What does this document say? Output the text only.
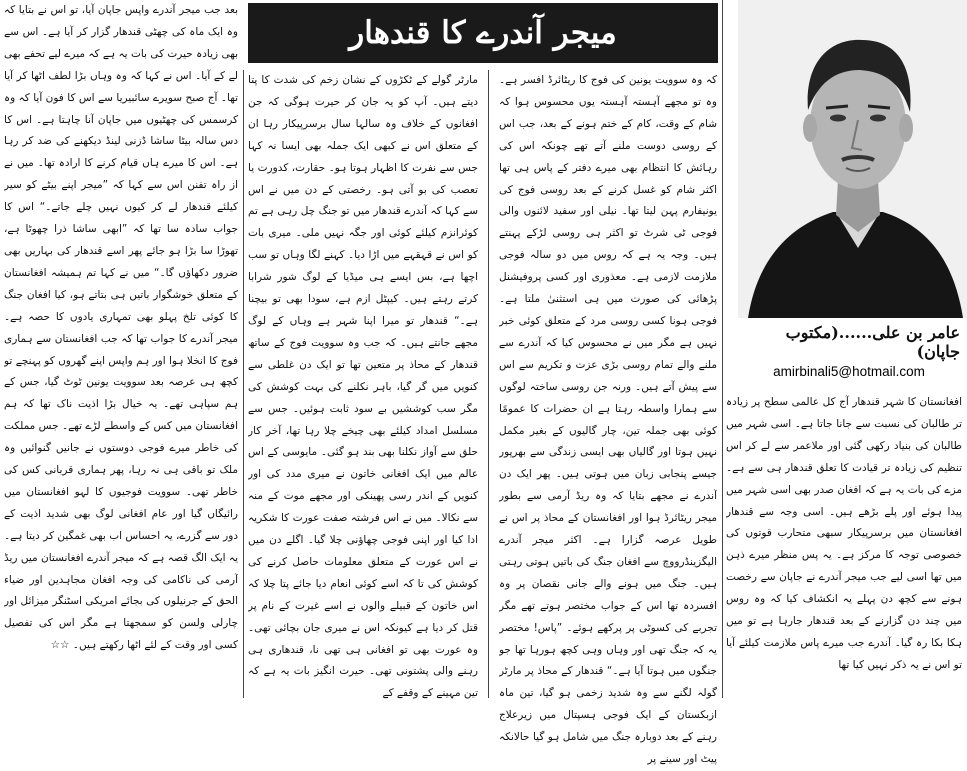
بعد جب میجر آندرے واپس جاپان آیا، تو اس نے بتایا کہ وہ ایک ماہ کی چھٹی قندھار گزار کر آیا ہے۔ اس سے بھی زیادہ حیرت کی بات یہ ہے کہ میرے لیے تحفے بھی لے کے آیا۔ اس نے کہا کہ وہ وہاں بڑا لطف اٹھا کر آیا تھا۔ آج صبح سویرے سائبیریا سے اس کا فون آیا کہ وہ کرسمس کی چھٹیوں میں جاپان آنا چاہتا ہے۔ اس کا دس سالہ بیٹا ساشا ڈزنی لینڈ دیکھنے کی ضد کر رہا ہے۔ اس کا میرے ہاں قیام کرنے کا ارادہ تھا۔ میں نے از راہ تفنن اس سے کہا کہ ”میجر اپنے بیٹے کو سیر کیلئے قندھار لے کر کیوں نہیں چلے جاتے۔“ اس کا جواب سادہ سا تھا کہ ”ابھی ساشا ذرا چھوٹا ہے، تھوڑا سا بڑا ہو جائے پھر اسے قندھار کی بہاریں بھی ضرور دکھاؤں گا۔“ میں نے کہا تم ہمیشہ افغانستان کے متعلق خوشگوار باتیں ہی بتاتے ہو، کیا افغان جنگ کا کوئی تلخ پہلو بھی تمہاری یادوں کا حصہ ہے۔ میجر آندرے کا جواب تھا کہ جب افغانستان سے ہماری فوج کا انخلا ہوا اور ہم واپس اپنے گھروں کو پہنچے تو کچھ ہی عرصہ بعد سوویت یونین ٹوٹ گیا، جس کے ہم سپاہی تھے۔ یہ خیال بڑا اذیت ناک تھا کہ ہم افغانستان میں کس کے واسطے لڑے تھے۔ جس مملکت کی خاطر میرے فوجی دوستوں نے جانیں گنوائیں وہ ملک تو باقی ہی نہ رہا، پھر ہماری قربانی کس کی خاطر تھی۔ سوویت فوجیوں کا لہو افغانستان میں رائیگاں گیا اور عام افغانی لوگ بھی شدید اذیت کے دور سے گزرے، یہ احساس اب بھی غمگین کر دیتا ہے۔ یہ ایک الگ قصہ ہے کہ میجر آندرے افغانستان میں ریڈ آرمی کی ناکامی کی وجہ افغان مجاہدین اور ضیاء الحق کے جرنیلوں کی بجائے امریکی اسٹنگر میزائل اور چارلی ولسن کو سمجھتا ہے مگر اس کی تفصیل کسی اور وقت کے لئے اٹھا رکھتے ہیں۔ ☆☆

میجر آندرے کا قندھار

مارٹر گولے کے ٹکڑوں کے نشان زخم کی شدت کا پتا دیتے ہیں۔ آپ کو یہ جان کر حیرت ہوگی کہ جن افغانوں کے خلاف وہ سالہا سال برسرپیکار رہا ان کے متعلق اس نے کبھی ایک جملہ بھی ایسا نہ کہا جس سے نفرت کا اظہار ہوتا ہو۔ حقارت، کدورت یا تعصب کی بو آتی ہو۔ رخصتی کے دن میں نے اس سے کہا کہ آندرے قندھار میں تو جنگ چل رہی ہے تم کوئرانزم کیلئے کوئی اور جگہ نہیں ملی۔ میری بات کو اس نے قہقہے میں اڑا دیا۔ کہنے لگا وہاں تو سب اچھا ہے، بس ایسے ہی میڈیا کے لوگ شور شرابا کرتے رہتے ہیں۔ کیپٹل ازم ہے، سودا بھی تو بیچنا ہے۔“ قندھار تو میرا اپنا شہر ہے وہاں کے لوگ مجھے جانتے ہیں۔ کہ جب وہ سوویت فوج کے ساتھ قندھار کے محاذ پر متعین تھا تو ایک دن غلطی سے کنویں میں گر گیا، باہر نکلنے کی بہت کوشش کی مگر سب کوششیں بے سود ثابت ہوئیں۔ جس سے مسلسل امداد کیلئے بھی چیخے چلا رہا تھا، آخر کار حلق سے آواز نکلنا بھی بند ہو گئی۔ مایوسی کے اس عالم میں ایک افغانی خاتون نے میری مدد کی اور کنویں کے اندر رسی پھینکی اور مجھے موت کے منہ سے نکالا۔ میں نے اس فرشتہ صفت عورت کا شکریہ ادا کیا اور اپنی فوجی چھاؤنی چلا گیا۔ اگلے دن میں نے اس عورت کے متعلق معلومات حاصل کرنے کی کوشش کی تا کہ اسے کوئی انعام دیا جائے پتا چلا کہ اس خاتون کے قبیلے والوں نے اسے غیرت کے نام پر قتل کر دیا ہے کیونکہ اس نے میری جان بچائی تھی۔ وہ عورت بھی تو افغانی ہی تھی نا، قندھاری ہی رہنے والی پشتونی تھی۔ حیرت انگیز بات یہ ہے کہ تین مہینے کے وقفے کے

کہ وہ سوویت یونین کی فوج کا ریٹائرڈ افسر ہے۔ وہ تو مجھے آہستہ آہستہ یوں محسوس ہوا کہ شام کے وقت، کام کے ختم ہونے کے بعد، جب اس کے روسی دوست ملنے آتے تھے چونکہ اس کی رہائش کا انتظام بھی میرے دفتر کے پاس ہی تھا اکثر شام کو غسل کرنے کے بعد روسی فوج کی یونیفارم پہن لیتا تھا۔ نیلی اور سفید لائنوں والی فوجی ٹی شرٹ تو اکثر ہی روسی لڑکے پہنتے ہیں۔ وجہ یہ ہے کہ روس میں دو سالہ فوجی ملازمت لازمی ہے۔ معذوری اور کسی پروفیشنل پڑھائی کی صورت میں ہی استثنیٰ ملتا ہے۔ فوجی ہونا کسی روسی مرد کے متعلق کوئی خبر نہیں ہے مگر میں نے محسوس کیا کہ آندرے سے ملنے والے تمام روسی بڑی عزت و تکریم سے اس سے پیش آتے ہیں۔ ورنہ جن روسی ساختہ لوگوں سے ہمارا واسطہ رہتا ہے ان حضرات کا عمومًا کوئی بھی جملہ تین، چار گالیوں کے بغیر مکمل نہیں ہوتا اور گالیاں بھی ایسی زندگی سے بھرپور جیسے پنجابی زبان میں ہوتی ہیں۔ پھر ایک دن آندرے نے مجھے بتایا کہ وہ ریڈ آرمی سے بطور میجر ریٹائرڈ ہوا اور افغانستان کے محاذ پر اس نے طویل عرصہ گزارا ہے۔ اکثر میجر آندرے الیگزینڈرووچ سے افغان جنگ کی باتیں ہوتی رہتی ہیں۔ جنگ میں ہونے والے جانی نقصان پر وہ افسردہ تھا اس کے جواب مختصر ہوتے تھے مگر تجربے کی کسوٹی پر پرکھے ہوئے۔ ”پاس! مختصر یہ کہ جنگ تھی اور وہاں وہی کچھ ہورہا تھا جو جنگوں میں ہوتا آیا ہے۔“ قندھار کے محاذ پر مارٹر گولہ لگنے سے وہ شدید زخمی ہو گیا، تین ماہ ازبکستان کے ایک فوجی ہسپتال میں زیرعلاج رہنے کے بعد دوبارہ جنگ میں شامل ہو گیا حالانکہ پیٹ اور سینے پر

عامر بن علی......(مکتوب جاپان)
amirbinali5@hotmail.com

افغانستان کا شہر قندھار آج کل عالمی سطح پر زیادہ تر طالبان کی نسبت سے جانا جاتا ہے۔ اسی شہر میں طالبان کی بنیاد رکھی گئی اور ملاعمر سے لے کر اس تنظیم کی زیادہ تر قیادت کا تعلق قندھار ہی سے ہے۔ مزے کی بات یہ ہے کہ افغان صدر بھی اسی شہر میں پیدا ہوئے اور پلے بڑھے ہیں۔ اسی وجہ سے قندھار افغانستان میں برسرپیکار سبھی متحارب قوتوں کی خصوصی توجہ کا مرکز ہے۔ یہ پس منظر میرے ذہن میں تھا اسی لیے جب میجر آندرے نے جاپان سے رخصت ہونے سے کچھ دن پہلے یہ انکشاف کیا کہ وہ روس میں چند دن گزارنے کے بعد قندھار جارہا ہے تو میں ہکا بکا رہ گیا۔ آندرے جب میرے پاس ملازمت کیلئے آیا تو اس نے یہ ذکر نہیں کیا تھا
